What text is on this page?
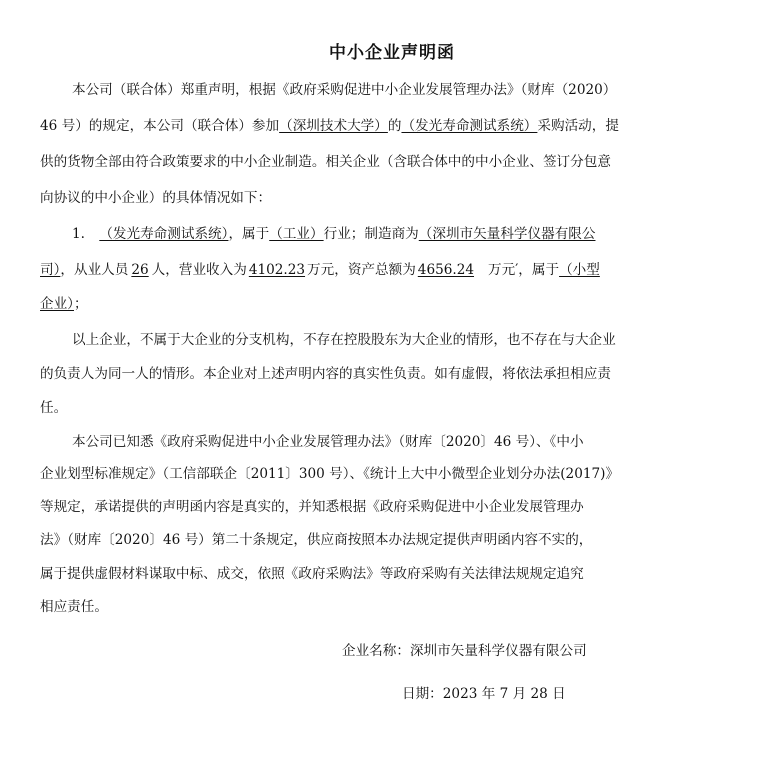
中小企业声明函
本公司（联合体）郑重声明，根据《政府采购促进中小企业发展管理办法》（财库（2020）
46 号）的规定，本公司（联合体）参加（深圳技术大学）的（发光寿命测试系统）采购活动，提
供的货物全部由符合政策要求的中小企业制造。相关企业（含联合体中的中小企业、签订分包意
向协议的中小企业）的具体情况如下：
1. （发光寿命测试系统），属于（工业）行业；制造商为（深圳市矢量科学仪器有限公
司），从业人员 26 人，营业收入为 4102.23 万元，资产总额为 4656.24 万元′，属于（小型
企业）；
以上企业，不属于大企业的分支机构，不存在控股股东为大企业的情形，也不存在与大企业
的负责人为同一人的情形。本企业对上述声明内容的真实性负责。如有虚假，将依法承担相应责
任。
本公司已知悉《政府采购促进中小企业发展管理办法》（财库〔2020〕46 号）、《中小
企业划型标准规定》（工信部联企〔2011〕300 号）、《统计上大中小微型企业划分办法(2017)》
等规定，承诺提供的声明函内容是真实的，并知悉根据《政府采购促进中小企业发展管理办
法》（财库〔2020〕46 号）第二十条规定，供应商按照本办法规定提供声明函内容不实的，
属于提供虚假材料谋取中标、成交，依照《政府采购法》等政府采购有关法律法规规定追究
相应责任。
企业名称：深圳市矢量科学仪器有限公司
日期：2023 年 7 月 28 日
